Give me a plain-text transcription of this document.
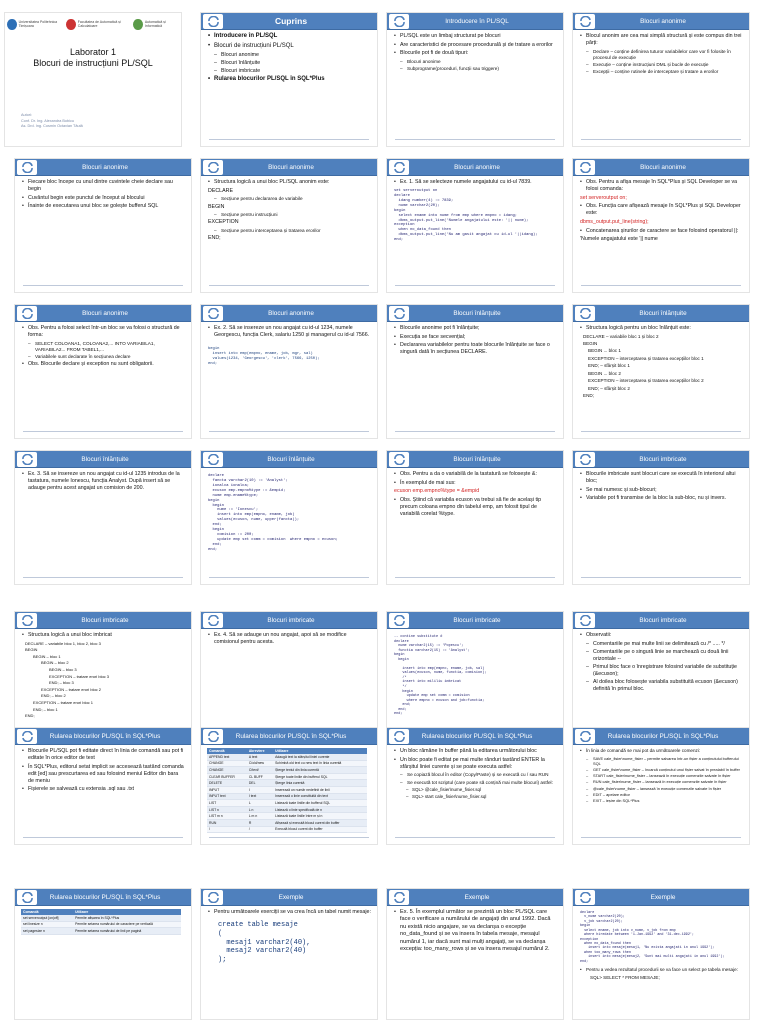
Universitatea Politehnica Timișoara
Facultatea de Automatică și Calculatoare
Automatică și Informatică
Laborator 1
Blocuri de instrucțiuni PL/SQL
Autori:
Conf. Dr. Ing. Alexandra Bobicu
As. Drd. Ing. Cosmin Octavian Tăută
Cuprins
• Introducere în PL/SQL
• Blocuri de instrucțiuni PL/SQL
– Blocuri anonime
– Blocuri înlănțuite
– Blocuri imbricate
• Rularea blocurilor PL/SQL în SQL*Plus
Introducere în PL/SQL
• PL/SQL este un limbaj structurat pe blocuri
• Are caracteristici de procesare procedurală și de tratare a erorilor
• Blocurile pot fi de două tipuri:
– Blocuri anonime
– Subprograme(proceduri, funcții sau triggere)
Blocuri anonime
• Blocul anonim are cea mai simplă structură și este compus din trei părți:
– Declare – conține definirea tuturor variabilelor care vor fi folosite în procesul de execuție
– Execuție – conține instrucțiuni DML și bucle de execuție
– Excepții – conține rutinele de interceptare și tratare a erorilor
Blocuri anonime
• Fiecare bloc începe cu unul dintre cuvintele cheie declare sau begin
• Cuvântul begin este punctul de început al blocului
• Înainte de executarea unui bloc se golește bufferul SQL
Blocuri anonime
• Structura logică a unui bloc PL/SQL anonim este:
DECLARE
– Secțiune pentru declararea de variabile
BEGIN
– Secțiune pentru instrucțiuni
EXCEPTION
– Secțiune pentru interceptarea și tratarea erorilor
END;
Blocuri anonime
• Ex. 1. Să se selecteze numele angajatului cu id-ul 7839.
set serveroutput on
declare
idang number(4) := 7839;
nume varchar2(20);
begin
select ename into nume from emp where empno = idang;
dbms_output.put_line('Numele angajatului este: '|| nume);
exception
when no_data_found then
dbms_output.put_line('Nu am gasit angajat cu id-ul '||idang);
end;
Blocuri anonime
• Obs. Pentru a afișa mesaje în SQL*Plus și SQL Developer se va folosi comanda:
set serveroutput on;
• Obs. Funcția care afișează mesaje în SQL*Plus și SQL Developer este:
dbms_output.put_line(string);
• Concatenarea șirurilor de caractere se face folosind operatorul ||:
'Numele angajatului este '|| nume
Blocuri anonime
• Obs. Pentru a folosi select într-un bloc se va folosi o structură de forma:
– SELECT COLOANA1, COLOANA2,... INTO VARIABILA1, VARIABILA2... FROM TABEL1,...
– Variabilele sunt declarate în secțiunea declare
• Obs. Blocurile declare și exception nu sunt obligatorii.
Blocuri anonime
• Ex. 2. Să se insereze un nou angajat cu id-ul 1234, numele Georgescu, funcția Clerk, salariu 1250 și managerul cu id-ul 7566.
begin
insert into emp(empno, ename, job, mgr, sal)
values(1234, 'Georgescu', 'clerk', 7566, 1250);
end;
Blocuri înlănțuite
• Blocurile anonime pot fi înlănțuite;
• Execuția se face secvențial;
• Declararea variabilelor pentru toate blocurile înlănțuite se face o singură dată în secțiunea DECLARE.
Blocuri înlănțuite
• Structura logică pentru un bloc înlănțuit este:
DECLARE – variabile bloc 1 și bloc 2
BEGIN
BEGIN ... bloc 1
EXCEPTION – interceptarea și tratarea excepțiilor bloc 1
END; – sfârșit bloc 1
BEGIN ... bloc 2
EXCEPTION – interceptarea și tratarea excepțiilor bloc 2
END; – sfârșit bloc 2
END;
Blocuri înlănțuite
• Ex. 3. Să se insereze un nou angajat cu id-ul 1235 introdus de la tastatura, numele Ionescu, funcția Analyst. După insert să se adauge pentru acest angajat un comision de 200.
Blocuri înlănțuite
declare
fancta varchar2(10) := 'Analyst';
ionalca ionalca;
ecuson emp.empno%type := &empid;
nume emp.ename%type;
begin
begin
nume := 'Ionescu';
insert into emp(empno, ename, job)
values(ecuson, nume, upper(fancta));
end;
begin
comision := 200;
update emp set comm = comision  where empno = ecuson;
end;
end;
Blocuri înlănțuite
• Obs. Pentru a da o variabilă de la tastatură se folosește &:
• În exemplul de mai sus:
ecuson emp.empno%type = &empid
• Obs. Știind că variabila ecuson va trebui să fie de același tip precum coloana empno din tabelul emp, am folosit tipul de variabilă corelat %type.
Blocuri imbricate
• Blocurile imbricate sunt blocuri care se execută în interiorul altui bloc;
• Se mai numesc și sub-blocuri;
• Variabile pot fi transmise de la bloc la sub-bloc, nu și invers.
Blocuri imbricate
• Structura logică a unui bloc imbricat
DECLARE – variabile bloc 1, bloc 2, bloc 3
BEGIN
BEGIN – bloc 1
BEGIN – bloc 2
BEGIN – bloc 3
EXCEPTION – tratare erori bloc 3
END; – bloc 3
EXCEPTION – tratare erori bloc 2
END; – bloc 2
EXCEPTION – tratare erori bloc 1
END; – bloc 1
END;
Blocuri imbricate
• Ex. 4. Să se adauge un nou angajat, apoi să se modifice comisionul pentru acesta.
Blocuri imbricate
-- contine substitute #
declare
nume varchar2(15) := 'Popescu';
functia varchar2(15) := 'Analyst';
begin
begin

insert into emp(empno, ename, job, sal)
values(ecuson, nume, functia, comision);
/*
insert into mililiu imbricat
*/
begin
update emp set comm = comision
where empno = ecuson and job=functia;
end;
end;
end;
Blocuri imbricate
• Observatii:
– Comentariile pe mai multe linii se delimitează cu /* ..... */
– Comentariile pe o singură linie se marchează cu două linii orizontale --
– Primul bloc face o înregistrare folosind variabile de substituție (&ecuson);
– Al doilea bloc folosește variabila substituită ecuson (&ecuson) definită în primul bloc.
Rularea blocurilor PL/SQL în SQL*Plus
• Blocurile PL/SQL pot fi editate direct în linia de comandă sau pot fi editate în orice editor de text
• În SQL*Plus, editorul setat implicit se accesează tastând comanda edit [ed] sau prescurtarea ed sau folosind meniul Editor din bara de meniu
• Fișierele se salvează cu extensia .sql sau .txt
Rularea blocurilor PL/SQL în SQL*Plus
Comandă	Abreviere	Utilizare
APPEND text	A text	Adaugă text la sfârșitul liniei curente
CHANGE	C/old/new	Schimbă old text cu new text în linia curentă
CHANGE	C/text/	Șterge textul din linia curentă
CLEAR BUFFER	CL BUFF	Șterge toate liniile din bufferul SQL
DELETE	DEL	Șterge linia curentă
INPUT	I	Inserează un număr nedefinit de linii
INPUT text	I text	Inserează o linie constituită din text
LIST	L	Listează toate liniile din bufferul SQL
LIST n	L n	Listează o linie specificată de n
LIST m n	L m n	Listează toate liniile între m și n
RUN	R	Afișează și execută blocul curent din buffer
/	/	Execută blocul curent din buffer
Rularea blocurilor PL/SQL în SQL*Plus
• Un bloc rămâne în buffer până la editarea următorului bloc
• Un bloc poate fi editat pe mai multe rânduri tastând ENTER la sfârșitul liniei curente și se poate executa astfel:
– Se copiază blocul în editor (Copy/Paste) și se execută cu / sau RUN
– Se execută tot scriptul (care poate să conțină mai multe blocuri) astfel:
– SQL> @cale_fisier\nume_fisier.sql
– SQL> start cale_fisier\nume_fisier.sql
Rularea blocurilor PL/SQL în SQL*Plus
• În linia de comandă se mai pot da următoarele comenzi:
– SAVE cale_fisier\nume_fisier – permite salvarea într-un fișier a conținutului bufferului SQL
– GET cale_fisier\nume_fisier – încarcă conținutul unui fișier salvat în prealabil în buffer
– START cale_fisier\nume_fisier – lansează în execuție comenzile salvate în fișier
– RUN cale_fisier\nume_fisier – lansează în execuție comenzile salvate în fișier
– @cale_fisier\nume_fisier – lansează în execuție comenzile salvate în fișier
– EDIT – apelare editor
– EXIT – ieșire din SQL*Plus
Rularea blocurilor PL/SQL în SQL*Plus
Comandă	Utilizare
set serveroutput [on|off]	Permite afișarea în SQL*Plus
set linesize n	Permite setarea numărului de caractere pe verticală
set pagesize n	Permite setarea numărului de linii pe pagină
Exemple
• Pentru următoarele exerciții se va crea încă un tabel numit mesaje:
create table mesaje
(
mesaj1 varchar2(40),
mesaj2 varchar2(40)
);
Exemple
• Ex. 5. În exemplul următor se prezintă un bloc PL/SQL care face o verificare a numărului de angajați din anul 1992. Dacă nu există nicio angajare, se va declanșa o excepție no_data_found și se va insera în tabela mesaje, mesajul numărul 1, iar dacă sunt mai mulți angajați, se va declanșa excepția: too_many_rows și se va insera mesajul numărul 2.
Exemple
declare
v_nume varchar2(20);
v_job varchar2(20);
begin
select ename, job into v_nume, v_job from emp
where hiredate between '1-Jan-1992' and '31-dec-1992';
exception
when no_data_found then
insert into mesaje(mesaj1, 'Nu exista angajati in anul 1992');
when too_many_rows then
insert into mesaje(mesaj2, 'Sunt mai multi angajati in anul 1992');
end;
• Pentru a vedea rezultatul procedurii se va face un select pe tabela mesaje:
SQL> SELECT * FROM MESAJE;
